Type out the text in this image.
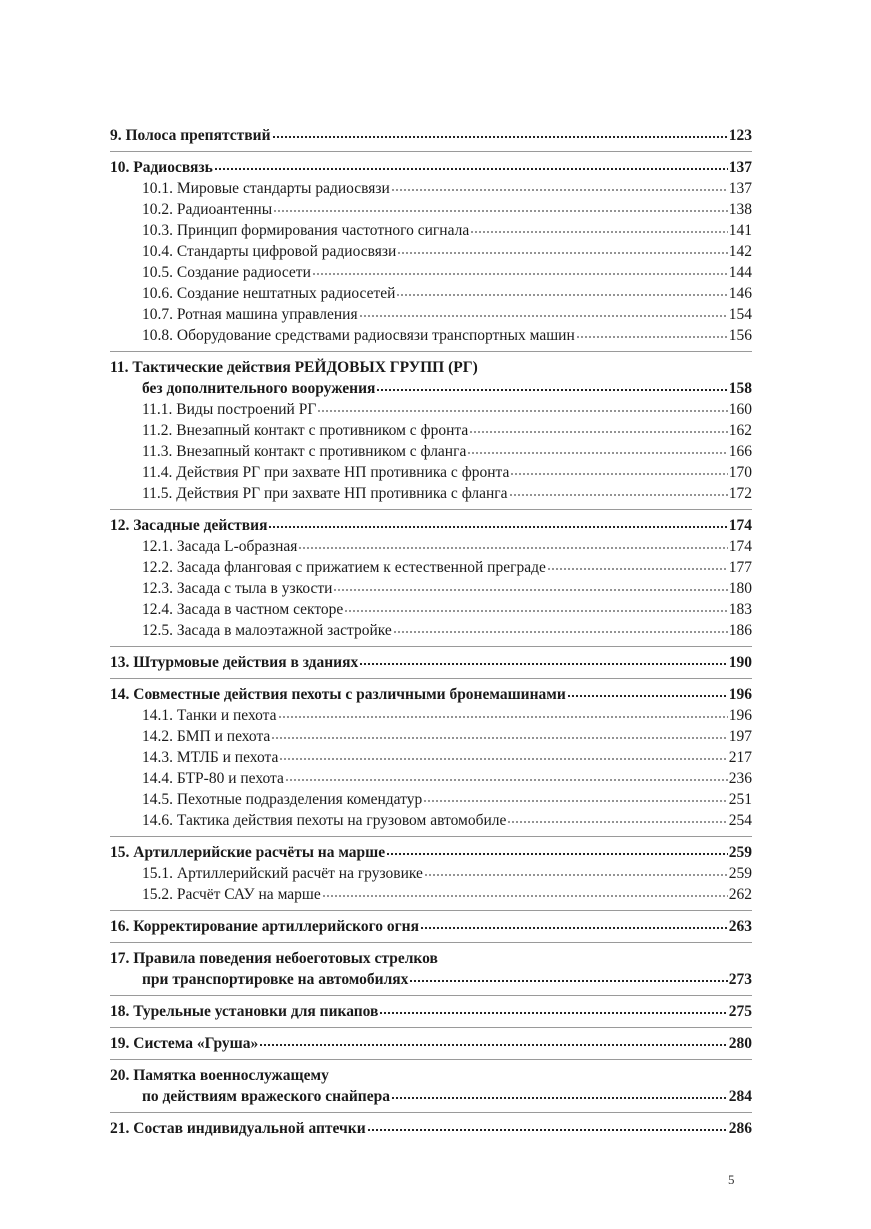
9. Полоса препятствий	123
10. Радиосвязь	137
10.1. Мировые стандарты радиосвязи	137
10.2. Радиоантенны	138
10.3. Принцип формирования частотного сигнала	141
10.4. Стандарты цифровой радиосвязи	142
10.5. Создание радиосети	144
10.6. Создание нештатных радиосетей	146
10.7. Ротная машина управления	154
10.8. Оборудование средствами радиосвязи транспортных машин	156
11. Тактические действия РЕЙДОВЫХ ГРУПП (РГ)
без дополнительного вооружения	158
11.1. Виды построений РГ	160
11.2. Внезапный контакт с противником с фронта	162
11.3. Внезапный контакт с противником с фланга	166
11.4. Действия РГ при захвате НП противника с фронта	170
11.5. Действия РГ при захвате НП противника с фланга	172
12. Засадные действия	174
12.1. Засада L-образная	174
12.2. Засада фланговая с прижатием к естественной преграде	177
12.3. Засада с тыла в узкости	180
12.4. Засада в частном секторе	183
12.5. Засада в малоэтажной застройке	186
13. Штурмовые действия в зданиях	190
14. Совместные действия пехоты с различными бронемашинами	196
14.1. Танки и пехота	196
14.2. БМП и пехота	197
14.3. МТЛБ и пехота	217
14.4. БТР-80 и пехота	236
14.5. Пехотные подразделения комендатур	251
14.6. Тактика действия пехоты на грузовом автомобиле	254
15. Артиллерийские расчёты на марше	259
15.1. Артиллерийский расчёт на грузовике	259
15.2. Расчёт САУ на марше	262
16. Корректирование артиллерийского огня	263
17. Правила поведения небоеготовых стрелков
при транспортировке на автомобилях	273
18. Турельные установки для пикапов	275
19. Система «Груша»	280
20. Памятка военнослужащему
по действиям вражеского снайпера	284
21. Состав индивидуальной аптечки	286
5
